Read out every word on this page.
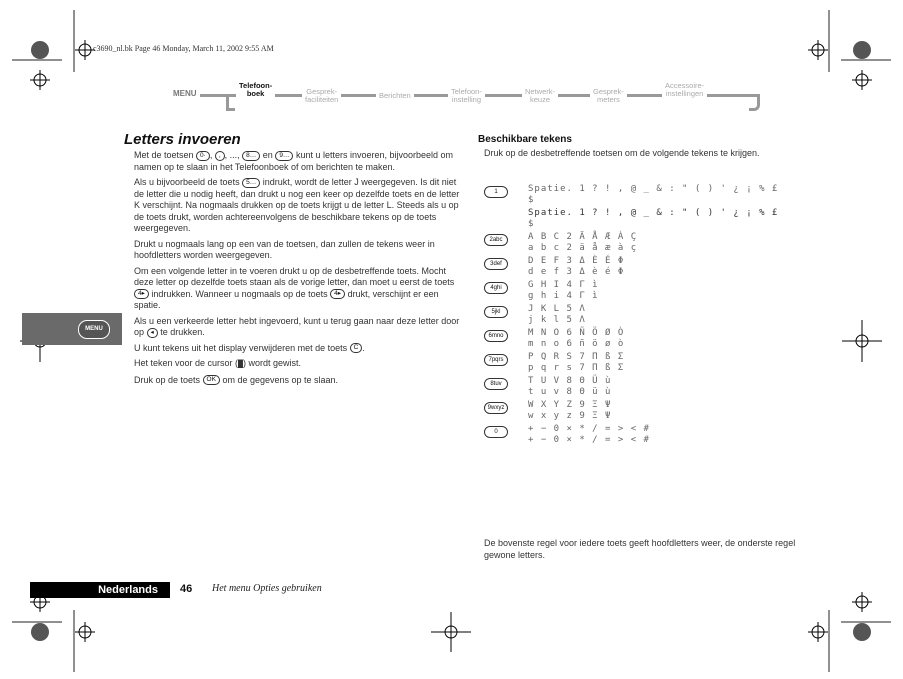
c3690_nl.bk Page 46 Monday, March 11, 2002 9:55 AM
MENU
Telefoon-
boek	Gesprek-
faciliteiten	Berichten	Telefoon-
instelling
Netwerk-
keuze
Gesprek-
meters
Accessoire-
instellingen
Letters invoeren

Met de toetsen 0· , , , ..., 8… en 9… kunt u letters invoeren, bijvoorbeeld om namen op te slaan in het Telefoonboek of om berichten te maken.

Als u bijvoorbeeld de toets 5… indrukt, wordt de letter J weergegeven. Is dit niet de letter die u nodig heeft, dan drukt u nog een keer op dezelfde toets en de letter K verschijnt. Na nogmaals drukken op de toets krijgt u de letter L. Steeds als u op de toets drukt, worden achtereenvolgens de beschikbare tekens op de toets weergegeven.

Drukt u nogmaals lang op een van de toetsen, dan zullen de tekens weer in hoofdletters worden weergegeven.

Om een volgende letter in te voeren drukt u op de desbetreffende toets. Mocht deze letter op dezelfde toets staan als de vorige letter, dan moet u eerst de toets 4▸ indrukken. Wanneer u nogmaals op de toets 4▸ drukt, verschijnt er een spatie.

Als u een verkeerde letter hebt ingevoerd, kunt u terug gaan naar deze letter door op ◂ te drukken.

U kunt tekens uit het display verwijderen met de toets C .

Het teken voor de cursor (█) wordt gewist.

Druk op de toets OK om de gegevens op te slaan.

MENU
Beschikbare tekens
Druk op de desbetreffende toetsen om de volgende tekens te krijgen.
1	Spatie. 1 ? ! , @ _ & : " ( ) ' ¿ ¡ % £
$
Spatie. 1 ? ! , @ _ & : " ( ) ' ¿ ¡ % £
$
2abc	A B C 2 Ä Å Æ À Ç
a b c 2 ä å æ à ç
3def	D E F 3 Δ È É Φ
d e f 3 Δ è é Φ
4ghi	G H I 4 Γ ì
g h i 4 Γ ì
5jkl	J K L 5 Λ
j k l 5 Λ
6mno	M N O 6 Ñ Ö Ø Ò
m n o 6 ñ ö ø ò
7pqrs	P Q R S 7 Π ß Σ
p q r s 7 Π ß Σ
8tuv	T U V 8 Θ Ü ù
t u v 8 Θ ü ù
9wxyz	W X Y Z 9 Ξ Ψ
w x y z 9 Ξ Ψ
0	+ − 0 × * / = > < #
+ − 0 × * / = > < #
De bovenste regel voor iedere toets geeft hoofdletters weer, de onderste regel gewone letters.
Nederlands 46 Het menu Opties gebruiken
